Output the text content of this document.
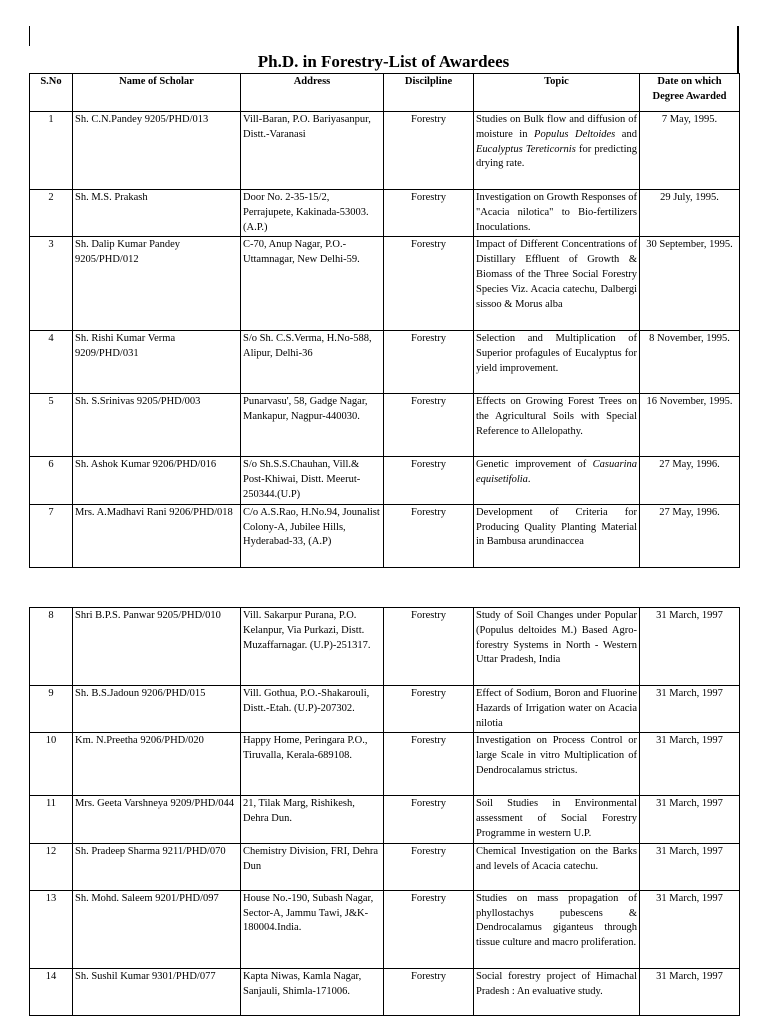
Ph.D. in Forestry-List of Awardees
S.No	Name of Scholar	Address	Discilpline	Topic	Date on which Degree Awarded
1	Sh. C.N.Pandey 9205/PHD/013	Vill-Baran, P.O. Bariyasanpur, Distt.-Varanasi	Forestry	Studies on Bulk flow and diffusion of moisture in Populus Deltoides and Eucalyptus Tereticornis for predicting drying rate.	7 May, 1995.
2	Sh. M.S. Prakash	Door No. 2-35-15/2, Perrajupete, Kakinada-53003. (A.P.)	Forestry	Investigation on Growth Responses of "Acacia nilotica" to Bio-fertilizers Inoculations.	29 July, 1995.
3	Sh. Dalip Kumar Pandey 9205/PHD/012	C-70, Anup Nagar, P.O.-Uttamnagar, New Delhi-59.	Forestry	Impact of Different Concentrations of Distillary Effluent of Growth & Biomass of the Three Social Forestry Species Viz. Acacia catechu, Dalbergi sissoo & Morus alba	30 September, 1995.
4	Sh. Rishi Kumar Verma 9209/PHD/031	S/o Sh. C.S.Verma, H.No-588, Alipur, Delhi-36	Forestry	Selection and Multiplication of Superior profagules of Eucalyptus for yield improvement.	8 November, 1995.
5	Sh. S.Srinivas 9205/PHD/003	Punarvasu', 58, Gadge Nagar, Mankapur, Nagpur-440030.	Forestry	Effects on Growing Forest Trees on the Agricultural Soils with Special Reference to Allelopathy.	16 November, 1995.
6	Sh. Ashok Kumar 9206/PHD/016	S/o Sh.S.S.Chauhan, Vill.& Post-Khiwai, Distt. Meerut-250344.(U.P)	Forestry	Genetic improvement of Casuarina equisetifolia.	27 May, 1996.
7	Mrs. A.Madhavi Rani 9206/PHD/018	C/o A.S.Rao, H.No.94, Jounalist Colony-A, Jubilee Hills, Hyderabad-33, (A.P)	Forestry	Development of Criteria for Producing Quality Planting Material in Bambusa arundinaccea	27 May, 1996.
8	Shri B.P.S. Panwar 9205/PHD/010	Vill. Sakarpur Purana, P.O. Kelanpur, Via Purkazi, Distt. Muzaffarnagar. (U.P)-251317.	Forestry	Study of Soil Changes under Popular (Populus deltoides M.) Based Agro-forestry Systems in North - Western Uttar Pradesh, India	31 March, 1997
9	Sh. B.S.Jadoun 9206/PHD/015	Vill. Gothua, P.O.-Shakarouli, Distt.-Etah. (U.P)-207302.	Forestry	Effect of Sodium, Boron and Fluorine Hazards of Irrigation water on Acacia nilotia	31 March, 1997
10	Km. N.Preetha 9206/PHD/020	Happy Home, Peringara P.O., Tiruvalla, Kerala-689108.	Forestry	Investigation on Process Control or large Scale in vitro Multiplication of Dendrocalamus strictus.	31 March, 1997
11	Mrs. Geeta Varshneya 9209/PHD/044	21, Tilak Marg, Rishikesh, Dehra Dun.	Forestry	Soil Studies in Environmental assessment of Social Forestry Programme in western U.P.	31 March, 1997
12	Sh. Pradeep Sharma 9211/PHD/070	Chemistry Division, FRI, Dehra Dun	Forestry	Chemical Investigation on the Barks and levels of Acacia catechu.	31 March, 1997
13	Sh. Mohd. Saleem 9201/PHD/097	House No.-190, Subash Nagar, Sector-A, Jammu Tawi, J&K-180004.India.	Forestry	Studies on mass propagation of phyllostachys pubescens & Dendrocalamus giganteus through tissue culture and macro proliferation.	31 March, 1997
14	Sh. Sushil Kumar 9301/PHD/077	Kapta Niwas, Kamla Nagar, Sanjauli, Shimla-171006.	Forestry	Social forestry project of Himachal Pradesh : An evaluative study.	31 March, 1997
